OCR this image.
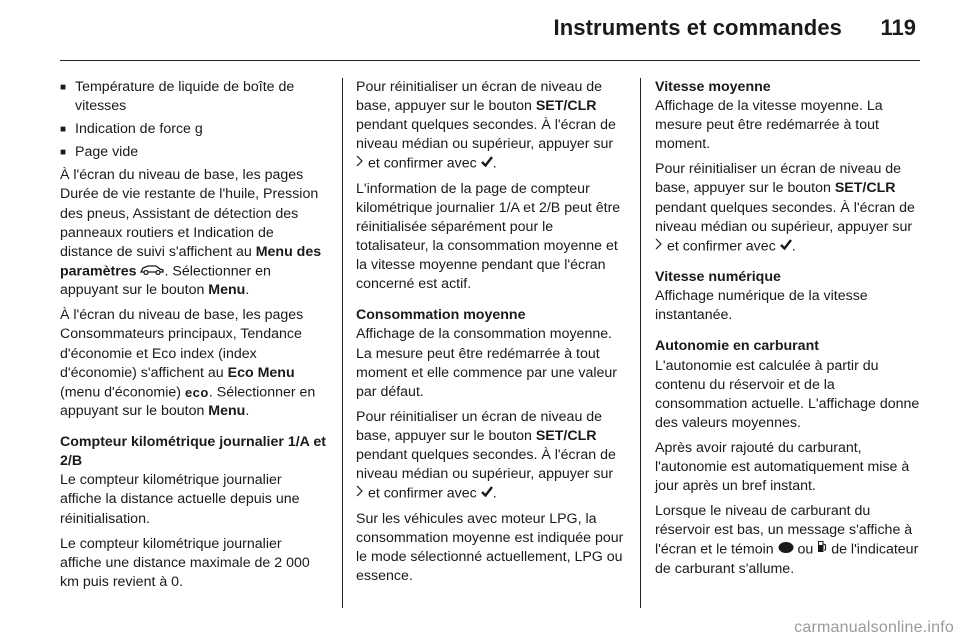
Instruments et commandes 119
■ Température de liquide de boîte de vitesses
■ Indication de force g
■ Page vide

À l'écran du niveau de base, les pages Durée de vie restante de l'huile, Pression des pneus, Assistant de détection des panneaux routiers et Indication de distance de suivi s'affichent au Menu des paramètres . Sélectionner en appuyant sur le bouton Menu.

À l'écran du niveau de base, les pages Consommateurs principaux, Tendance d'économie et Eco index (index d'économie) s'affichent au Eco Menu (menu d'économie) eco. Sélectionner en appuyant sur le bouton Menu.

Compteur kilométrique journalier 1/A et 2/B

Le compteur kilométrique journalier affiche la distance actuelle depuis une réinitialisation.

Le compteur kilométrique journalier affiche une distance maximale de 2 000 km puis revient à 0.

Pour réinitialiser un écran de niveau de base, appuyer sur le bouton SET/CLR pendant quelques secondes. À l'écran de niveau médian ou supérieur, appuyer sur  et confirmer avec .

L'information de la page de compteur kilométrique journalier 1/A et 2/B peut être réinitialisée séparément pour le totalisateur, la consommation moyenne et la vitesse moyenne pendant que l'écran concerné est actif.

Consommation moyenne

Affichage de la consommation moyenne. La mesure peut être redémarrée à tout moment et elle commence par une valeur par défaut.

Pour réinitialiser un écran de niveau de base, appuyer sur le bouton SET/CLR pendant quelques secondes. À l'écran de niveau médian ou supérieur, appuyer sur  et confirmer avec .

Sur les véhicules avec moteur LPG, la consommation moyenne est indiquée pour le mode sélectionné actuellement, LPG ou essence.

Vitesse moyenne

Affichage de la vitesse moyenne. La mesure peut être redémarrée à tout moment.

Pour réinitialiser un écran de niveau de base, appuyer sur le bouton SET/CLR pendant quelques secondes. À l'écran de niveau médian ou supérieur, appuyer sur  et confirmer avec .

Vitesse numérique

Affichage numérique de la vitesse instantanée.

Autonomie en carburant

L'autonomie est calculée à partir du contenu du réservoir et de la consommation actuelle. L'affichage donne des valeurs moyennes.

Après avoir rajouté du carburant, l'autonomie est automatiquement mise à jour après un bref instant.

Lorsque le niveau de carburant du réservoir est bas, un message s'affiche à l'écran et le témoin  ou  de l'indicateur de carburant s'allume.

carmanualsonline.info
